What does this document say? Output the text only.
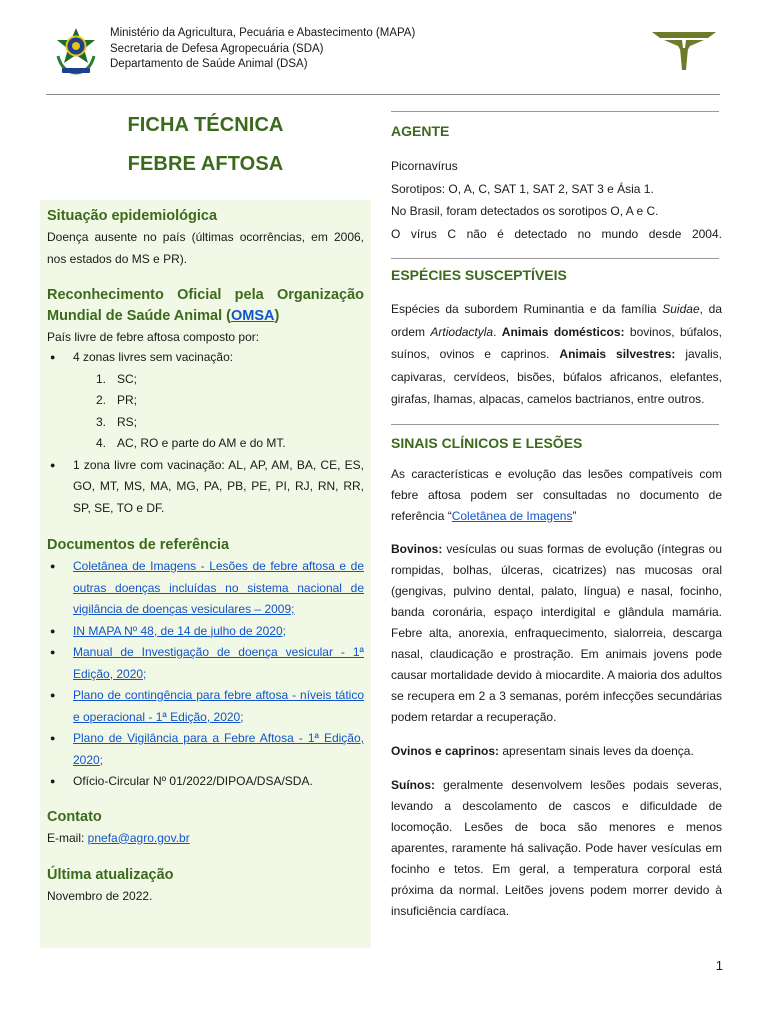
Ministério da Agricultura, Pecuária e Abastecimento (MAPA)
Secretaria de Defesa Agropecuária (SDA)
Departamento de Saúde Animal (DSA)
FICHA TÉCNICA
FEBRE AFTOSA
Situação epidemiológica
Doença ausente no país (últimas ocorrências, em 2006, nos estados do MS e PR).
Reconhecimento Oficial pela Organização Mundial de Saúde Animal (OMSA)
País livre de febre aftosa composto por:
● 4 zonas livres sem vacinação:
1. SC;
2. PR;
3. RS;
4. AC, RO e parte do AM e do MT.
● 1 zona livre com vacinação: AL, AP, AM, BA, CE, ES, GO, MT, MS, MA, MG, PA, PB, PE, PI, RJ, RN, RR, SP, SE, TO e DF.
Documentos de referência
● Coletânea de Imagens - Lesões de febre aftosa e de outras doenças incluídas no sistema nacional de vigilância de doenças vesiculares – 2009;
● IN MAPA Nº 48, de 14 de julho de 2020;
● Manual de Investigação de doença vesicular - 1ª Edição, 2020;
● Plano de contingência para febre aftosa - níveis tático e operacional - 1ª Edição, 2020;
● Plano de Vigilância para a Febre Aftosa - 1ª Edição, 2020;
● Ofício-Circular Nº 01/2022/DIPOA/DSA/SDA.
Contato
E-mail: pnefa@agro.gov.br
Última atualização
Novembro de 2022.
AGENTE
Picornavírus
Sorotipos: O, A, C, SAT 1, SAT 2, SAT 3 e Ásia 1.
No Brasil, foram detectados os sorotipos O, A e C.
O vírus C não é detectado no mundo desde 2004.
ESPÉCIES SUSCEPTÍVEIS
Espécies da subordem Ruminantia e da família Suidae, da ordem Artiodactyla. Animais domésticos: bovinos, búfalos, suínos, ovinos e caprinos. Animais silvestres: javalis, capivaras, cervídeos, bisões, búfalos africanos, elefantes, girafas, lhamas, alpacas, camelos bactrianos, entre outros.
SINAIS CLÍNICOS E LESÕES
As características e evolução das lesões compatíveis com febre aftosa podem ser consultadas no documento de referência “Coletânea de Imagens”
Bovinos: vesículas ou suas formas de evolução (íntegras ou rompidas, bolhas, úlceras, cicatrizes) nas mucosas oral (gengivas, pulvino dental, palato, língua) e nasal, focinho, banda coronária, espaço interdigital e glândula mamária. Febre alta, anorexia, enfraquecimento, sialorreia, descarga nasal, claudicação e prostração. Em animais jovens pode causar mortalidade devido à miocardite. A maioria dos adultos se recupera em 2 a 3 semanas, porém infecções secundárias podem retardar a recuperação.
Ovinos e caprinos: apresentam sinais leves da doença.
Suínos: geralmente desenvolvem lesões podais severas, levando a descolamento de cascos e dificuldade de locomoção. Lesões de boca são menores e menos aparentes, raramente há salivação. Pode haver vesículas em focinho e tetos. Em geral, a temperatura corporal está próxima da normal. Leitões jovens podem morrer devido à insuficiência cardíaca.
1
